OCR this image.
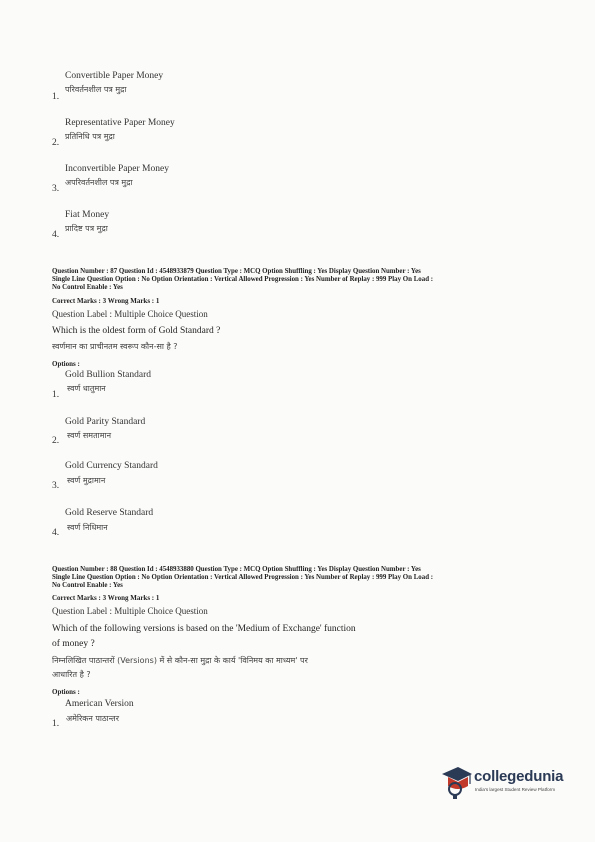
Convertible Paper Money
1.
परिवर्तनशील पत्र मुद्रा
Representative Paper Money
2.
प्रतिनिधि पत्र मुद्रा
Inconvertible Paper Money
3.
अपरिवर्तनशील पत्र मुद्रा
Fiat Money
4.
प्रादिष्ट पत्र मुद्रा
Question Number : 87 Question Id : 4548933879 Question Type : MCQ Option Shuffling : Yes Display Question Number : Yes
Single Line Question Option : No Option Orientation : Vertical Allowed Progression : Yes Number of Replay : 999 Play On Load :
No Control Enable : Yes
Correct Marks : 3 Wrong Marks : 1
Question Label : Multiple Choice Question
Which is the oldest form of Gold Standard ?
स्वर्णमान का प्राचीनतम स्वरूप कौन-सा है ?
Options :
Gold Bullion Standard
स्वर्ण धातुमान
1.
Gold Parity Standard
स्वर्ण समतामान
2.
Gold Currency Standard
स्वर्ण मुद्रामान
3.
Gold Reserve Standard
स्वर्ण निधिमान
4.
Question Number : 88 Question Id : 4548933880 Question Type : MCQ Option Shuffling : Yes Display Question Number : Yes
Single Line Question Option : No Option Orientation : Vertical Allowed Progression : Yes Number of Replay : 999 Play On Load :
No Control Enable : Yes
Correct Marks : 3 Wrong Marks : 1
Question Label : Multiple Choice Question
Which of the following versions is based on the 'Medium of Exchange' function
of money ?
निम्नलिखित पाठान्तरों (Versions) में से कौन-सा मुद्रा के कार्य 'विनिमय का माध्यम' पर
आधारित है ?
Options :
American Version
अमेरिकन पाठान्तर
1.
collegedunia
India's largest Student Review Platform
